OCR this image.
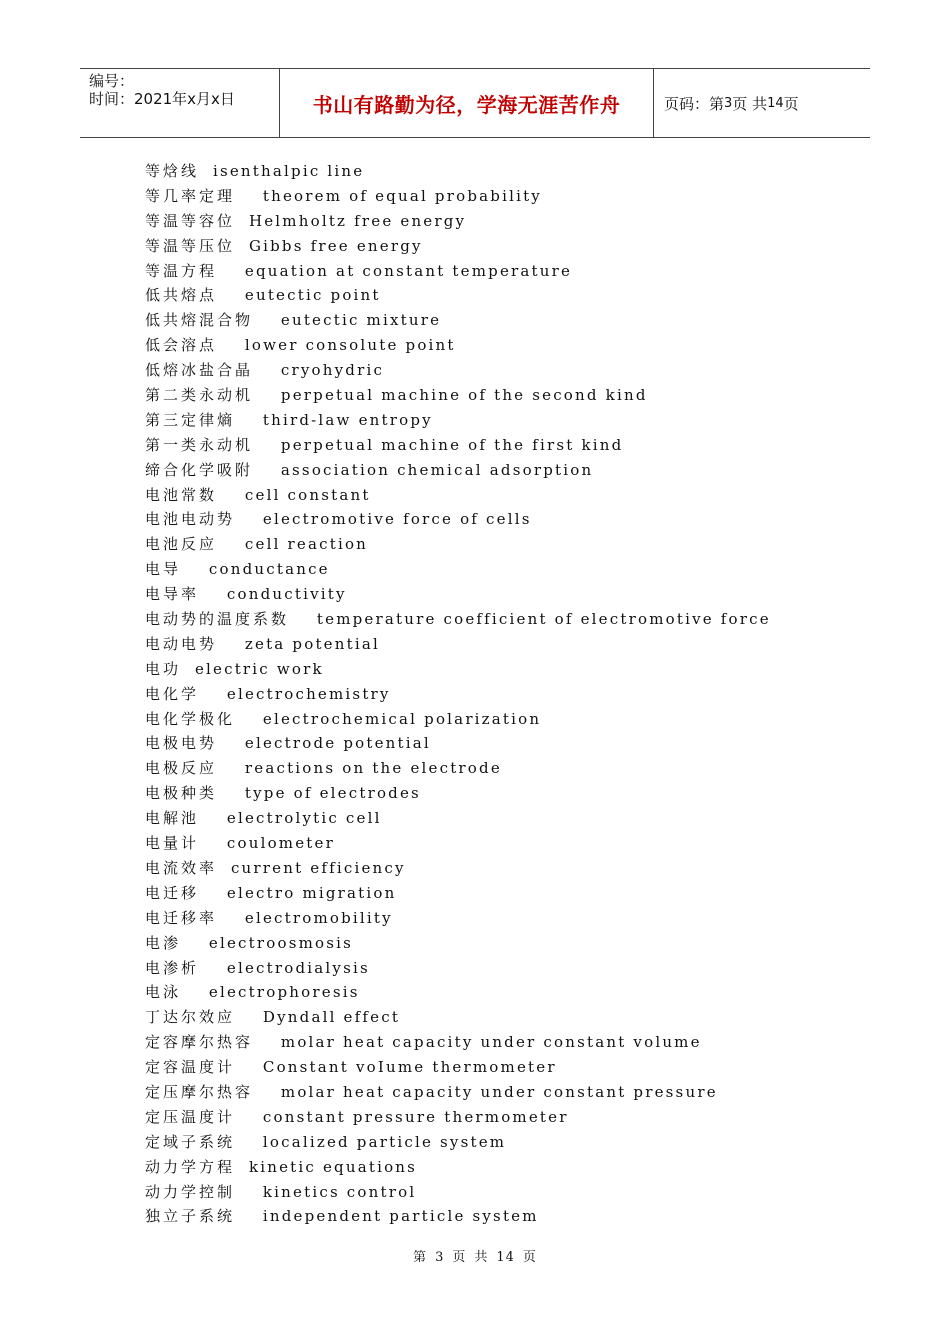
编号：
时间：2021年x月x日	书山有路勤为径，学海无涯苦作舟	页码：第 3 页 共 14 页
等焓线 isenthalpic line
等几率定理 theorem of equal probability
等温等容位 Helmholtz free energy
等温等压位 Gibbs free energy
等温方程 equation at constant temperature
低共熔点 eutectic point
低共熔混合物 eutectic mixture
低会溶点 lower consolute point
低熔冰盐合晶 cryohydric
第二类永动机 perpetual machine of the second kind
第三定律熵 third-law entropy
第一类永动机 perpetual machine of the first kind
缔合化学吸附 association chemical adsorption
电池常数 cell constant
电池电动势 electromotive force of cells
电池反应 cell reaction
电导 conductance
电导率 conductivity
电动势的温度系数 temperature coefficient of electromotive force
电动电势 zeta potential
电功 electric work
电化学 electrochemistry
电化学极化 electrochemical polarization
电极电势 electrode potential
电极反应 reactions on the electrode
电极种类 type of electrodes
电解池 electrolytic cell
电量计 coulometer
电流效率 current efficiency
电迁移 electro migration
电迁移率 electromobility
电渗 electroosmosis
电渗析 electrodialysis
电泳 electrophoresis
丁达尔效应 Dyndall effect
定容摩尔热容 molar heat capacity under constant volume
定容温度计 Constant voIume thermometer
定压摩尔热容 molar heat capacity under constant pressure
定压温度计 constant pressure thermometer
定域子系统 localized particle system
动力学方程 kinetic equations
动力学控制 kinetics control
独立子系统 independent particle system
第 3 页 共 14 页
